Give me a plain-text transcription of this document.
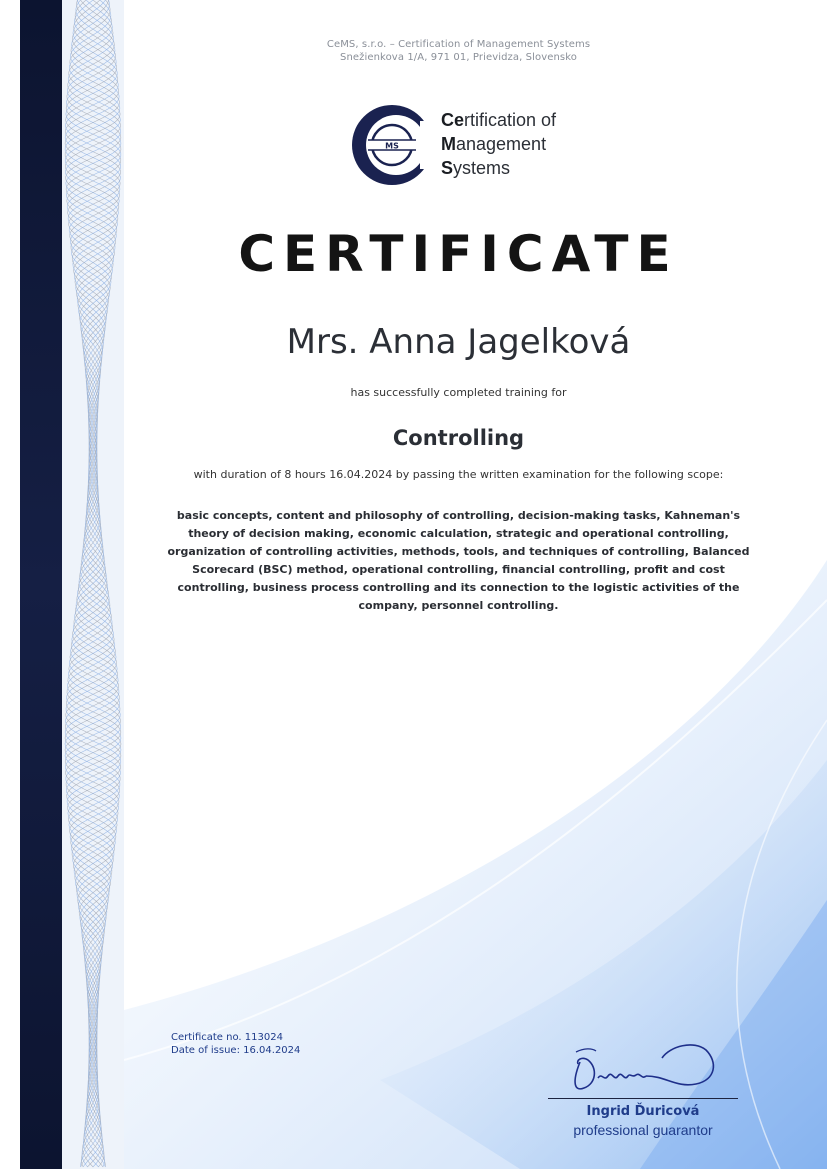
CeMS, s.r.o. – Certification of Management Systems
Snežienkova 1/A, 971 01, Prievidza, Slovensko
MS
Certification of
Management
Systems
CERTIFICATE
Mrs. Anna Jagelková
has successfully completed training for
Controlling
with duration of 8 hours 16.04.2024 by passing the written examination for the following scope:
basic concepts, content and philosophy of controlling, decision-making tasks, Kahneman's theory of decision making, economic calculation, strategic and operational controlling, organization of controlling activities, methods, tools, and techniques of controlling, Balanced Scorecard (BSC) method, operational controlling, financial controlling, profit and cost controlling, business process controlling and its connection to the logistic activities of the company, personnel controlling.
Certificate no. 113024
Date of issue: 16.04.2024
Ingrid Ďuricová
professional guarantor
